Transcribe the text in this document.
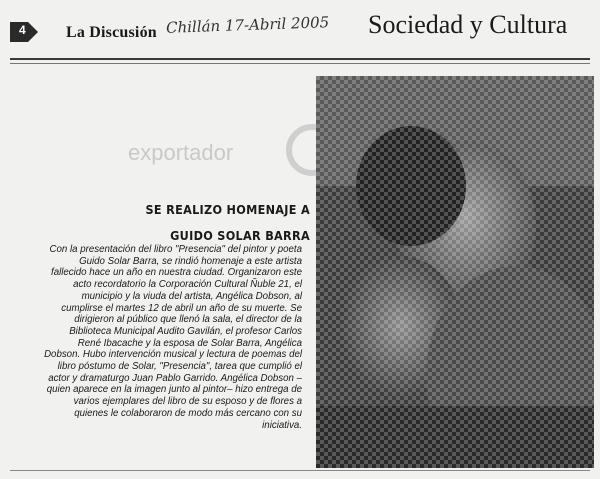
4	La Discusión Chillán 17-Abril 2005 Sociedad y Cultura
exportador
SE REALIZO HOMENAJE A
GUIDO SOLAR BARRA
Con la presentación del libro "Presencia" del pintor y poeta Guido Solar Barra, se rindió homenaje a este artista fallecido hace un año en nuestra ciudad. Organizaron este acto recordatorio la Corporación Cultural Ñuble 21, el municipio y la viuda del artista, Angélica Dobson, al cumplirse el martes 12 de abril un año de su muerte. Se dirigieron al público que llenó la sala, el director de la Biblioteca Municipal Audito Gavilán, el profesor Carlos René Ibacache y la esposa de Solar Barra, Angélica Dobson. Hubo intervención musical y lectura de poemas del libro póstumo de Solar, "Presencia", tarea que cumplió el actor y dramaturgo Juan Pablo Garrido. Angélica Dobson –quien aparece en la imagen junto al pintor– hizo entrega de varios ejemplares del libro de su esposo y de flores a quienes le colaboraron de modo más cercano con su iniciativa.
